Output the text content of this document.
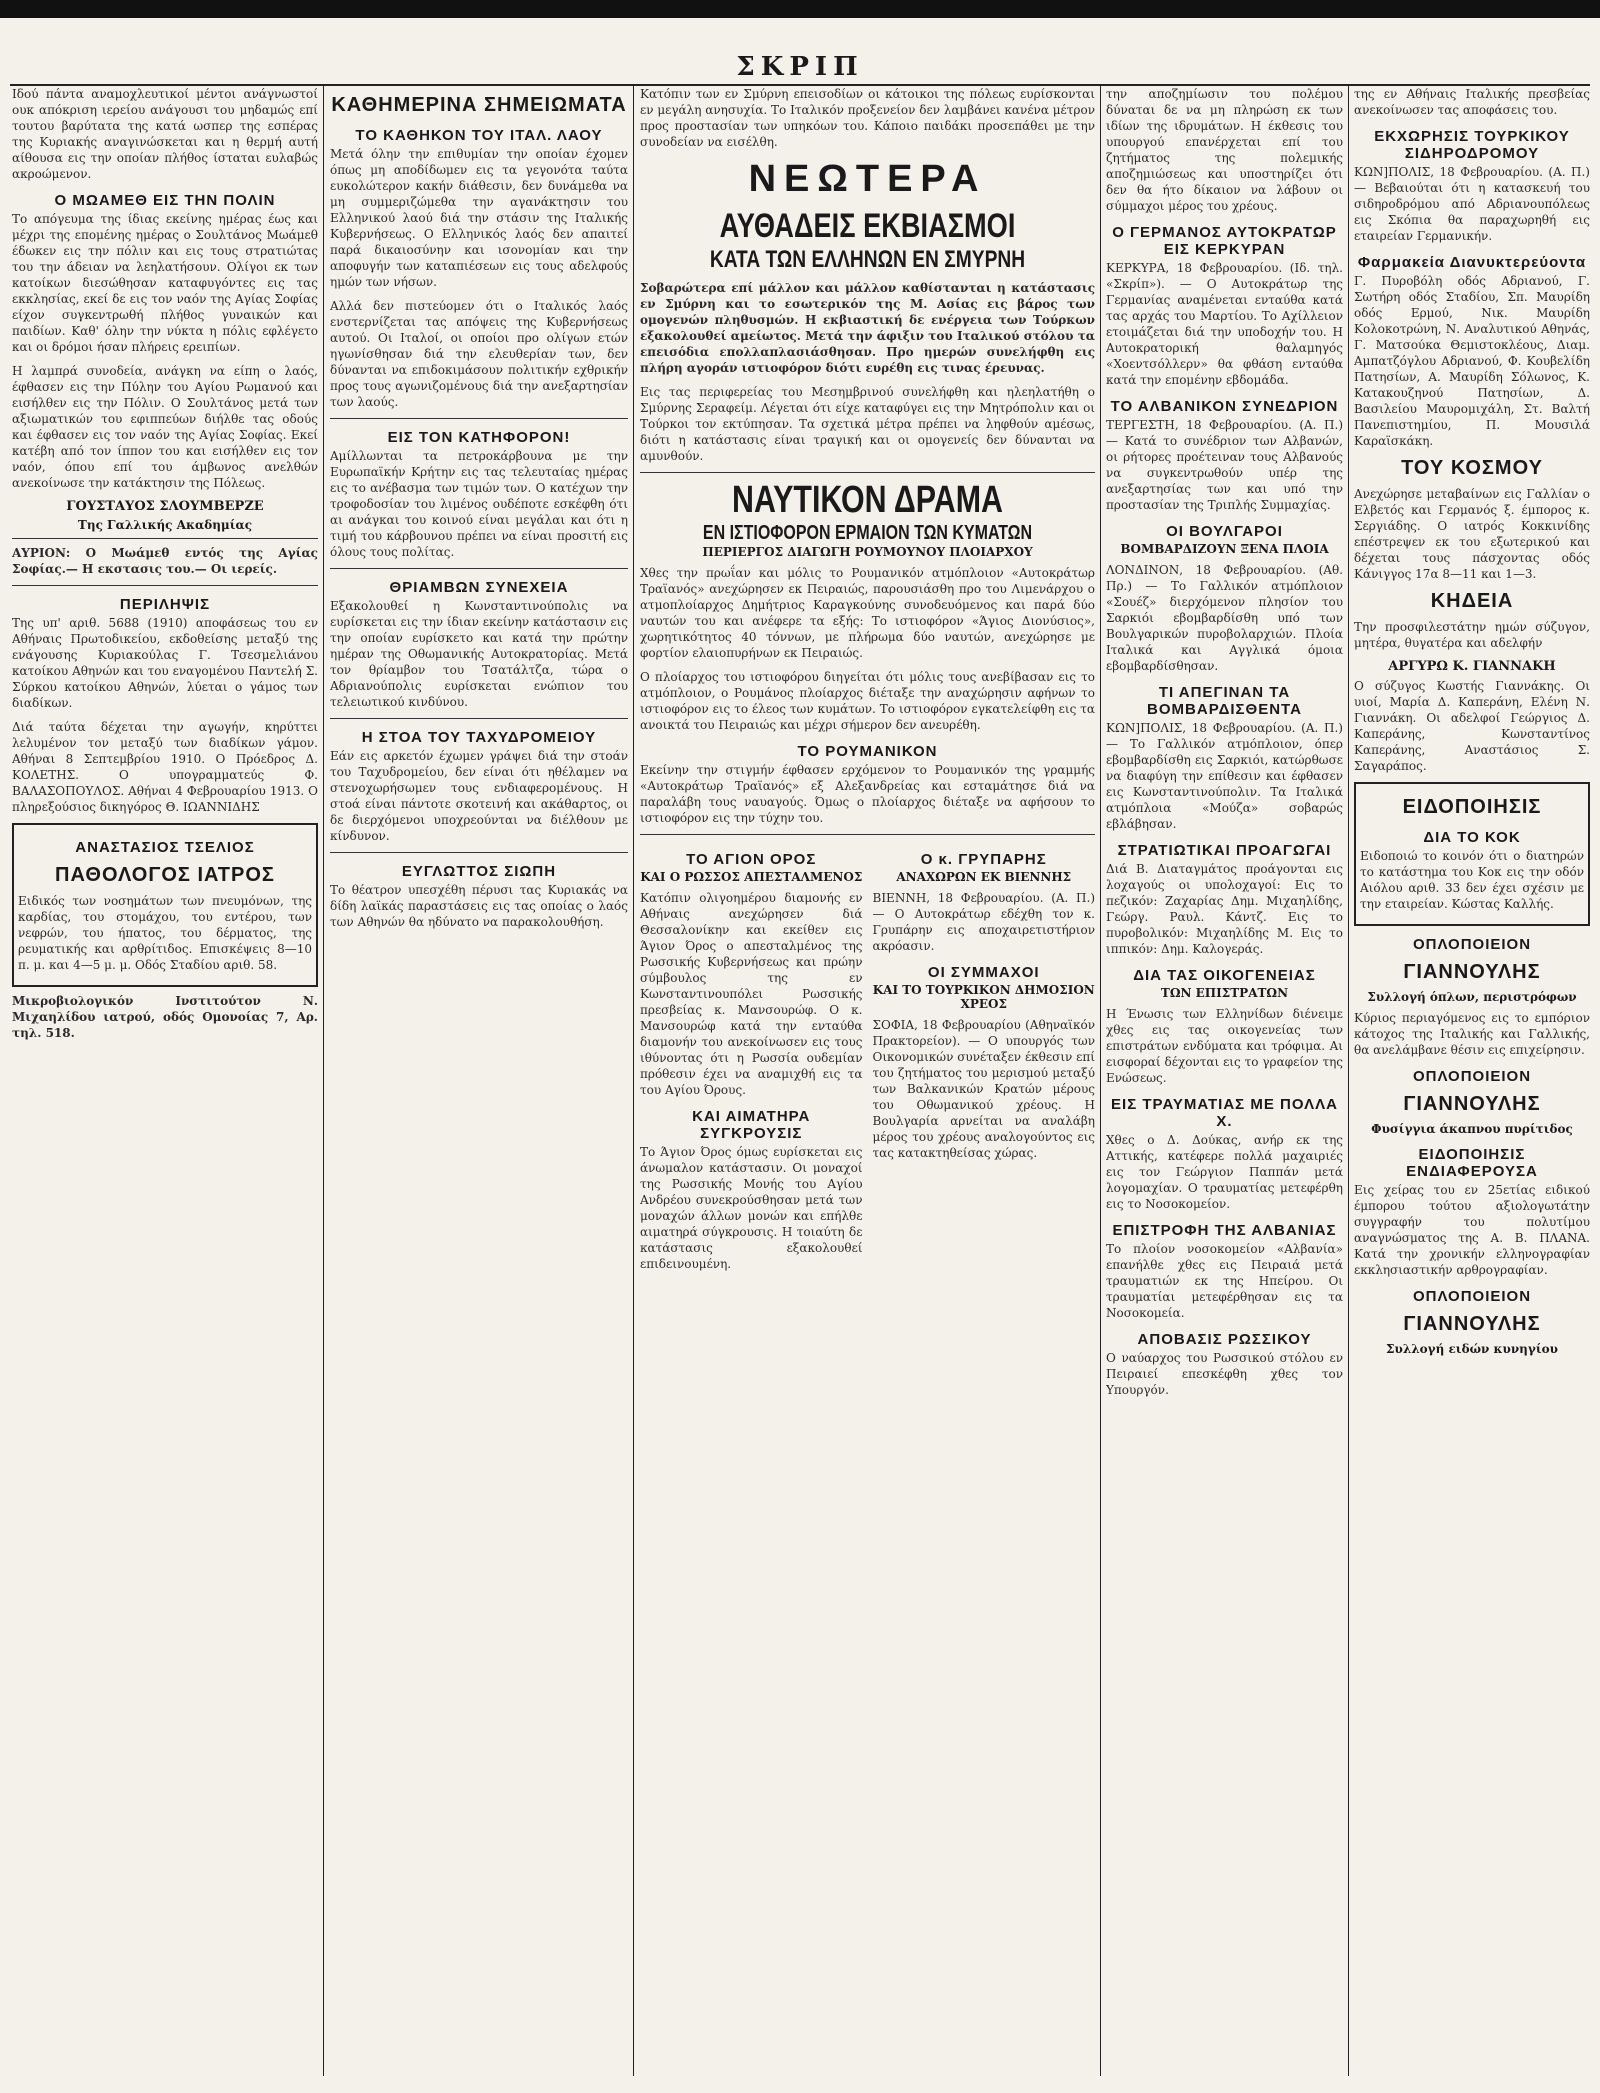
ΣΚΡΙΠ

Ιδού πάντα αναμοχλευτικοί μέντοι ανάγνωστοί ουκ απόκριση ιερείου ανάγουσι του μηδαμώς επί τουτου βαρύτατα της κατά ωσπερ της εσπέρας της Κυριακής αναγινώσκεται και η θερμή αυτή αίθουσα εις την οποίαν πλήθος ίσταται ευλαβώς ακροώμενον.

Ο ΜΩΑΜΕΘ ΕΙΣ ΤΗΝ ΠΟΛΙΝ

Το απόγευμα της ίδιας εκείνης ημέρας έως και μέχρι της επομένης ημέρας ο Σουλτάνος Μωάμεθ έδωκεν εις την πόλιν και εις τους στρατιώτας του την άδειαν να λεηλατήσουν. Ολίγοι εκ των κατοίκων διεσώθησαν καταφυγόντες εις τας εκκλησίας, εκεί δε εις τον ναόν της Αγίας Σοφίας είχον συγκεντρωθή πλήθος γυναικών και παιδίων. Καθ' όλην την νύκτα η πόλις εφλέγετο και οι δρόμοι ήσαν πλήρεις ερειπίων.

Η λαμπρά συνοδεία, ανάγκη να είπη ο λαός, έφθασεν εις την Πύλην του Αγίου Ρωμανού και εισήλθεν εις την Πόλιν. Ο Σουλτάνος μετά των αξιωματικών του εφιππεύων διήλθε τας οδούς και έφθασεν εις τον ναόν της Αγίας Σοφίας. Εκεί κατέβη από τον ίππον του και εισήλθεν εις τον ναόν, όπου επί του άμβωνος ανελθών ανεκοίνωσε την κατάκτησιν της Πόλεως.

ΓΟΥΣΤΑΥΟΣ ΣΛΟΥΜΒΕΡΖΕ
Της Γαλλικής Ακαδημίας

ΑΥΡΙΟΝ: Ο Μωάμεθ εντός της Αγίας Σοφίας.— Η εκστασις του.— Οι ιερείς.

ΠΕΡΙΛΗΨΙΣ

Της υπ' αριθ. 5688 (1910) αποφάσεως του εν Αθήναις Πρωτοδικείου, εκδοθείσης μεταξύ της ενάγουσης Κυριακούλας Γ. Τσεσμελιάνου κατοίκου Αθηνών και του εναγομένου Παντελή Σ. Σύρκου κατοίκου Αθηνών, λύεται ο γάμος των διαδίκων.

Διά ταύτα δέχεται την αγωγήν, κηρύττει λελυμένον τον μεταξύ των διαδίκων γάμον. Αθήναι 8 Σεπτεμβρίου 1910. Ο Πρόεδρος Δ. ΚΟΛΕΤΗΣ. Ο υπογραμματεύς Φ. ΒΑΛΑΣΟΠΟΥΛΟΣ. Αθήναι 4 Φεβρουαρίου 1913. Ο πληρεξούσιος δικηγόρος Θ. ΙΩΑΝΝΙΔΗΣ

ΑΝΑΣΤΑΣΙΟΣ ΤΣΕΛΙΟΣ
ΠΑΘΟΛΟΓΟΣ ΙΑΤΡΟΣ

Ειδικός των νοσημάτων των πνευμόνων, της καρδίας, του στομάχου, του εντέρου, των νεφρών, του ήπατος, του δέρματος, της ρευματικής και αρθρίτιδος. Επισκέψεις 8—10 π. μ. και 4—5 μ. μ. Οδός Σταδίου αριθ. 58.

Μικροβιολογικόν Ινστιτούτον Ν. Μιχαηλίδου ιατρού, οδός Ομονοίας 7, Αρ. τηλ. 518.

ΚΑΘΗΜΕΡΙΝΑ ΣΗΜΕΙΩΜΑΤΑ
ΤΟ ΚΑΘΗΚΟΝ ΤΟΥ ΙΤΑΛ. ΛΑΟΥ

Μετά όλην την επιθυμίαν την οποίαν έχομεν όπως μη αποδίδωμεν εις τα γεγονότα ταύτα ευκολώτερον κακήν διάθεσιν, δεν δυνάμεθα να μη συμμεριζώμεθα την αγανάκτησιν του Ελληνικού λαού διά την στάσιν της Ιταλικής Κυβερνήσεως. Ο Ελληνικός λαός δεν απαιτεί παρά δικαιοσύνην και ισονομίαν και την αποφυγήν των καταπιέσεων εις τους αδελφούς ημών των νήσων.

Αλλά δεν πιστεύομεν ότι ο Ιταλικός λαός ενστερνίζεται τας απόψεις της Κυβερνήσεως αυτού. Οι Ιταλοί, οι οποίοι προ ολίγων ετών ηγωνίσθησαν διά την ελευθερίαν των, δεν δύνανται να επιδοκιμάσουν πολιτικήν εχθρικήν προς τους αγωνιζομένους διά την ανεξαρτησίαν των λαούς.

ΕΙΣ ΤΟΝ ΚΑΤΗΦΟΡΟΝ!

Αμίλλωνται τα πετροκάρβουνα με την Ευρωπαϊκήν Κρήτην εις τας τελευταίας ημέρας εις το ανέβασμα των τιμών των. Ο κατέχων την τροφοδοσίαν του λιμένος ουδέποτε εσκέφθη ότι αι ανάγκαι του κοινού είναι μεγάλαι και ότι η τιμή του κάρβουνου πρέπει να είναι προσιτή εις όλους τους πολίτας.

ΘΡΙΑΜΒΩΝ ΣΥΝΕΧΕΙΑ

Εξακολουθεί η Κωνσταντινούπολις να ευρίσκεται εις την ίδιαν εκείνην κατάστασιν εις την οποίαν ευρίσκετο και κατά την πρώτην ημέραν της Οθωμανικής Αυτοκρατορίας. Μετά τον θρίαμβον του Τσατάλτζα, τώρα ο Αδριανούπολις ευρίσκεται ενώπιον του τελειωτικού κινδύνου.

Η ΣΤΟΑ ΤΟΥ ΤΑΧΥΔΡΟΜΕΙΟΥ

Εάν εις αρκετόν έχωμεν γράψει διά την στοάν του Ταχυδρομείου, δεν είναι ότι ηθέλαμεν να στενοχωρήσωμεν τους ενδιαφερομένους. Η στοά είναι πάντοτε σκοτεινή και ακάθαρτος, οι δε διερχόμενοι υποχρεούνται να διέλθουν με κίνδυνον.

ΕΥΓΛΩΤΤΟΣ ΣΙΩΠΗ

Το θέατρον υπεσχέθη πέρυσι τας Κυριακάς να δίδη λαϊκάς παραστάσεις εις τας οποίας ο λαός των Αθηνών θα ηδύνατο να παρακολουθήση.

Κατόπιν των εν Σμύρνη επεισοδίων οι κάτοικοι της πόλεως ευρίσκονται εν μεγάλη ανησυχία. Το Ιταλικόν προξενείον δεν λαμβάνει κανένα μέτρον προς προστασίαν των υπηκόων του. Κάποιο παιδάκι προσεπάθει με την συνοδείαν να εισέλθη.

ΝΕΩΤΕΡΑ
ΑΥΘΑΔΕΙΣ ΕΚΒΙΑΣΜΟΙ
ΚΑΤΑ ΤΩΝ ΕΛΛΗΝΩΝ ΕΝ ΣΜΥΡΝΗ

Σοβαρώτερα επί μάλλον και μάλλον καθίστανται η κατάστασις εν Σμύρνη και το εσωτερικόν της Μ. Ασίας εις βάρος των ομογενών πληθυσμών. Η εκβιαστική δε ενέργεια των Τούρκων εξακολουθεί αμείωτος. Μετά την άφιξιν του Ιταλικού στόλου τα επεισόδια επολλαπλασιάσθησαν. Προ ημερών συνελήφθη εις πλήρη αγοράν ιστιοφόρον διότι ευρέθη εις τινας έρευνας.

Εις τας περιφερείας του Μεσημβρινού συνελήφθη και ηλεηλατήθη ο Σμύρνης Σεραφείμ. Λέγεται ότι είχε καταφύγει εις την Μητρόπολιν και οι Τούρκοι τον εκτύπησαν. Τα σχετικά μέτρα πρέπει να ληφθούν αμέσως, διότι η κατάστασις είναι τραγική και οι ομογενείς δεν δύνανται να αμυνθούν.

ΝΑΥΤΙΚΟΝ ΔΡΑΜΑ
ΕΝ ΙΣΤΙΟΦΟΡΟΝ ΕΡΜΑΙΟΝ ΤΩΝ ΚΥΜΑΤΩΝ
ΠΕΡΙΕΡΓΟΣ ΔΙΑΓΩΓΗ ΡΟΥΜΟΥΝΟΥ ΠΛΟΙΑΡΧΟΥ

Χθες την πρωΐαν και μόλις το Ρουμανικόν ατμόπλοιον «Αυτοκράτωρ Τραϊανός» ανεχώρησεν εκ Πειραιώς, παρουσιάσθη προ του Λιμενάρχου ο ατμοπλοίαρχος Δημήτριος Καραγκούνης συνοδευόμενος και παρά δύο ναυτών του και ανέφερε τα εξής: Το ιστιοφόρον «Άγιος Διονύσιος», χωρητικότητος 40 τόννων, με πλήρωμα δύο ναυτών, ανεχώρησε με φορτίον ελαιοπυρήνων εκ Πειραιώς.

Ο πλοίαρχος του ιστιοφόρου διηγείται ότι μόλις τους ανεβίβασαν εις το ατμόπλοιον, ο Ρουμάνος πλοίαρχος διέταξε την αναχώρησιν αφήνων το ιστιοφόρον εις το έλεος των κυμάτων. Το ιστιοφόρον εγκατελείφθη εις τα ανοικτά του Πειραιώς και μέχρι σήμερον δεν ανευρέθη.

ΤΟ ΡΟΥΜΑΝΙΚΟΝ

Εκείνην την στιγμήν έφθασεν ερχόμενον το Ρουμανικόν της γραμμής «Αυτοκράτωρ Τραϊανός» εξ Αλεξανδρείας και εσταμάτησε διά να παραλάβη τους ναυαγούς. Όμως ο πλοίαρχος διέταξε να αφήσουν το ιστιοφόρον εις την τύχην του.

ΤΟ ΑΓΙΟΝ ΟΡΟΣ
ΚΑΙ Ο ΡΩΣΣΟΣ ΑΠΕΣΤΑΛΜΕΝΟΣ

Κατόπιν ολιγοημέρου διαμονής εν Αθήναις ανεχώρησεν διά Θεσσαλονίκην και εκείθεν εις Άγιον Όρος ο απεσταλμένος της Ρωσσικής Κυβερνήσεως και πρώην σύμβουλος της εν Κωνσταντινουπόλει Ρωσσικής πρεσβείας κ. Μανσουρώφ. Ο κ. Μανσουρώφ κατά την ενταύθα διαμονήν του ανεκοίνωσεν εις τους ιθύνοντας ότι η Ρωσσία ουδεμίαν πρόθεσιν έχει να αναμιχθή εις τα του Αγίου Όρους.

ΚΑΙ ΑΙΜΑΤΗΡΑ ΣΥΓΚΡΟΥΣΙΣ

Το Άγιον Όρος όμως ευρίσκεται εις άνωμαλον κατάστασιν. Οι μοναχοί της Ρωσσικής Μονής του Αγίου Ανδρέου συνεκρούσθησαν μετά των μοναχών άλλων μονών και επήλθε αιματηρά σύγκρουσις. Η τοιαύτη δε κατάστασις εξακολουθεί επιδεινουμένη.

Ο κ. ΓΡΥΠΑΡΗΣ
ΑΝΑΧΩΡΩΝ ΕΚ ΒΙΕΝΝΗΣ

ΒΙΕΝΝΗ, 18 Φεβρουαρίου. (Α. Π.) — Ο Αυτοκράτωρ εδέχθη τον κ. Γρυπάρην εις αποχαιρετιστήριον ακρόασιν.

ΟΙ ΣΥΜΜΑΧΟΙ
ΚΑΙ ΤΟ ΤΟΥΡΚΙΚΟΝ ΔΗΜΟΣΙΟΝ ΧΡΕΟΣ

ΣΟΦΙΑ, 18 Φεβρουαρίου (Αθηναϊκόν Πρακτορείον). — Ο υπουργός των Οικονομικών συνέταξεν έκθεσιν επί του ζητήματος του μερισμού μεταξύ των Βαλκανικών Κρατών μέρους του Οθωμανικού χρέους. Η Βουλγαρία αρνείται να αναλάβη μέρος του χρέους αναλογούντος εις τας κατακτηθείσας χώρας.

την αποζημίωσιν του πολέμου δύναται δε να μη πληρώση εκ των ιδίων της ιδρυμάτων. Η έκθεσις του υπουργού επανέρχεται επί του ζητήματος της πολεμικής αποζημιώσεως και υποστηρίζει ότι δεν θα ήτο δίκαιον να λάβουν οι σύμμαχοι μέρος του χρέους.

Ο ΓΕΡΜΑΝΟΣ ΑΥΤΟΚΡΑΤΩΡ ΕΙΣ ΚΕΡΚΥΡΑΝ

ΚΕΡΚΥΡΑ, 18 Φεβρουαρίου. (Ιδ. τηλ. «Σκρίπ»). — Ο Αυτοκράτωρ της Γερμανίας αναμένεται ενταύθα κατά τας αρχάς του Μαρτίου. Το Αχίλλειον ετοιμάζεται διά την υποδοχήν του. Η Αυτοκρατορική θαλαμηγός «Χοεντσόλλερν» θα φθάση ενταύθα κατά την επομένην εβδομάδα.

ΤΟ ΑΛΒΑΝΙΚΟΝ ΣΥΝΕΔΡΙΟΝ

ΤΕΡΓΕΣΤΗ, 18 Φεβρουαρίου. (Α. Π.) — Κατά το συνέδριον των Αλβανών, οι ρήτορες προέτειναν τους Αλβανούς να συγκεντρωθούν υπέρ της ανεξαρτησίας των και υπό την προστασίαν της Τριπλής Συμμαχίας.

ΟΙ ΒΟΥΛΓΑΡΟΙ
ΒΟΜΒΑΡΔΙΖΟΥΝ ΞΕΝΑ ΠΛΟΙΑ

ΛΟΝΔΙΝΟΝ, 18 Φεβρουαρίου. (Αθ. Πρ.) — Το Γαλλικόν ατμόπλοιον «Σουέζ» διερχόμενον πλησίον του Σαρκιόι εβομβαρδίσθη υπό των Βουλγαρικών πυροβολαρχιών. Πλοία Ιταλικά και Αγγλικά όμοια εβομβαρδίσθησαν.

ΤΙ ΑΠΕΓΙΝΑΝ ΤΑ ΒΟΜΒΑΡΔΙΣΘΕΝΤΑ

ΚΩΝ]ΠΟΛΙΣ, 18 Φεβρουαρίου. (Α. Π.) — Το Γαλλικόν ατμόπλοιον, όπερ εβομβαρδίσθη εις Σαρκιόι, κατώρθωσε να διαφύγη την επίθεσιν και έφθασεν εις Κωνσταντινούπολιν. Τα Ιταλικά ατμόπλοια «Μούζα» σοβαρώς εβλάβησαν.

ΣΤΡΑΤΙΩΤΙΚΑΙ ΠΡΟΑΓΩΓΑΙ

Διά Β. Διαταγμάτος προάγονται εις λοχαγούς οι υπολοχαγοί: Εις το πεζικόν: Ζαχαρίας Δημ. Μιχαηλίδης, Γεώργ. Ραυλ. Κάντζ. Εις το πυροβολικόν: Μιχαηλίδης Μ. Εις το ιππικόν: Δημ. Καλογεράς.

ΔΙΑ ΤΑΣ ΟΙΚΟΓΕΝΕΙΑΣ
ΤΩΝ ΕΠΙΣΤΡΑΤΩΝ

Η Ένωσις των Ελληνίδων διένειμε χθες εις τας οικογενείας των επιστράτων ενδύματα και τρόφιμα. Αι εισφοραί δέχονται εις το γραφείον της Ενώσεως.

ΕΙΣ ΤΡΑΥΜΑΤΙΑΣ ΜΕ ΠΟΛΛΑ Χ.

Χθες ο Δ. Δούκας, ανήρ εκ της Αττικής, κατέφερε πολλά μαχαιριές εις τον Γεώργιον Παππάν μετά λογομαχίαν. Ο τραυματίας μετεφέρθη εις το Νοσοκομείον.

ΕΠΙΣΤΡΟΦΗ ΤΗΣ ΑΛΒΑΝΙΑΣ

Το πλοίον νοσοκομείον «Αλβανία» επανήλθε χθες εις Πειραιά μετά τραυματιών εκ της Ηπείρου. Οι τραυματίαι μετεφέρθησαν εις τα Νοσοκομεία.

ΑΠΟΒΑΣΙΣ ΡΩΣΣΙΚΟΥ

Ο ναύαρχος του Ρωσσικού στόλου εν Πειραιεί επεσκέφθη χθες τον Υπουργόν.

της εν Αθήναις Ιταλικής πρεσβείας ανεκοίνωσεν τας αποφάσεις του.

ΕΚΧΩΡΗΣΙΣ ΤΟΥΡΚΙΚΟΥ ΣΙΔΗΡΟΔΡΟΜΟΥ

ΚΩΝ]ΠΟΛΙΣ, 18 Φεβρουαρίου. (Α. Π.) — Βεβαιούται ότι η κατασκευή του σιδηροδρόμου από Αδριανουπόλεως εις Σκόπια θα παραχωρηθή εις εταιρείαν Γερμανικήν.

Φαρμακεία Διανυκτερεύοντα

Γ. Πυροβόλη οδός Αδριανού, Γ. Σωτήρη οδός Σταδίου, Σπ. Μαυρίδη οδός Ερμού, Νικ. Μαυρίδη Κολοκοτρώνη, Ν. Αναλυτικού Αθηνάς, Γ. Ματσούκα Θεμιστοκλέους, Διαμ. Αμπατζόγλου Αδριανού, Φ. Κουβελίδη Πατησίων, Α. Μαυρίδη Σόλωνος, Κ. Κατακουζηνού Πατησίων, Δ. Βασιλείου Μαυρομιχάλη, Στ. Βαλτή Πανεπιστημίου, Π. Μουσιλά Καραϊσκάκη.

ΤΟΥ ΚΟΣΜΟΥ

Ανεχώρησε μεταβαίνων εις Γαλλίαν ο Ελβετός και Γερμανός ξ. έμπορος κ. Σεργιάδης. Ο ιατρός Κοκκινίδης επέστρεψεν εκ του εξωτερικού και δέχεται τους πάσχοντας οδός Κάνιγγος 17α 8—11 και 1—3.

ΚΗΔΕΙΑ

Την προσφιλεστάτην ημών σύζυγον, μητέρα, θυγατέρα και αδελφήν

ΑΡΓΥΡΩ Κ. ΓΙΑΝΝΑΚΗ

Ο σύζυγος Κωστής Γιαννάκης. Οι υιοί, Μαρία Δ. Καπεράνη, Ελένη Ν. Γιαννάκη. Οι αδελφοί Γεώργιος Δ. Καπεράνης, Κωνσταντίνος Καπεράνης, Αναστάσιος Σ. Σαγαράπος.

ΕΙΔΟΠΟΙΗΣΙΣ
ΔΙΑ ΤΟ ΚΟΚ

Ειδοποιώ το κοινόν ότι ο διατηρών το κατάστημα του Κοκ εις την οδόν Αιόλου αριθ. 33 δεν έχει σχέσιν με την εταιρείαν. Κώστας Καλλής.

ΟΠΛΟΠΟΙΕΙΟΝ
ΓΙΑΝΝΟΥΛΗΣ
Συλλογή όπλων, περιστρόφων

Κύριος περιαγόμενος εις το εμπόριον κάτοχος της Ιταλικής και Γαλλικής, θα ανελάμβανε θέσιν εις επιχείρησιν.

ΟΠΛΟΠΟΙΕΙΟΝ
ΓΙΑΝΝΟΥΛΗΣ
Φυσίγγια άκαπνου πυρίτιδος
ΕΙΔΟΠΟΙΗΣΙΣ ΕΝΔΙΑΦΕΡΟΥΣΑ

Εις χείρας του εν 25ετίας ειδικού έμπορου τούτου αξιολογωτάτην συγγραφήν του πολυτίμου αναγνώσματος της Α. Β. ΠΛΑΝΑ. Κατά την χρονικήν ελληνογραφίαν εκκλησιαστικήν αρθρογραφίαν.

ΟΠΛΟΠΟΙΕΙΟΝ
ΓΙΑΝΝΟΥΛΗΣ
Συλλογή ειδών κυνηγίου
